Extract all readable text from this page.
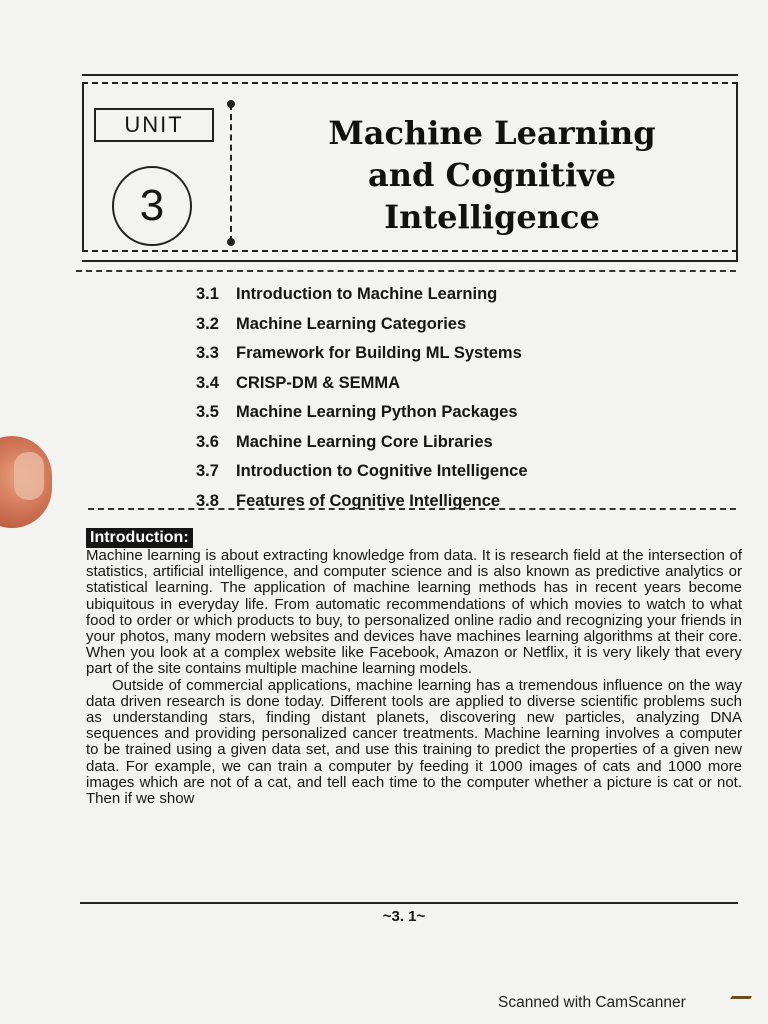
UNIT
3
Machine Learning
and Cognitive
Intelligence
3.1 Introduction to Machine Learning
3.2 Machine Learning Categories
3.3 Framework for Building ML Systems
3.4 CRISP-DM & SEMMA
3.5 Machine Learning Python Packages
3.6 Machine Learning Core Libraries
3.7 Introduction to Cognitive Intelligence
3.8 Features of Cognitive Intelligence
Introduction:

Machine learning is about extracting knowledge from data. It is research field at the intersection of statistics, artificial intelligence, and computer science and is also known as predictive analytics or statistical learning. The application of machine learning methods has in recent years become ubiquitous in everyday life. From automatic recommendations of which movies to watch to what food to order or which products to buy, to personalized online radio and recognizing your friends in your photos, many modern websites and devices have machines learning algorithms at their core. When you look at a complex website like Facebook, Amazon or Netflix, it is very likely that every part of the site contains multiple machine learning models.

Outside of commercial applications, machine learning has a tremendous influence on the way data driven research is done today. Different tools are applied to diverse scientific problems such as understanding stars, finding distant planets, discovering new particles, analyzing DNA sequences and providing personalized cancer treatments. Machine learning involves a computer to be trained using a given data set, and use this training to predict the properties of a given new data. For example, we can train a computer by feeding it 1000 images of cats and 1000 more images which are not of a cat, and tell each time to the computer whether a picture is cat or not. Then if we show

~3. 1~
Scanned with CamScanner
